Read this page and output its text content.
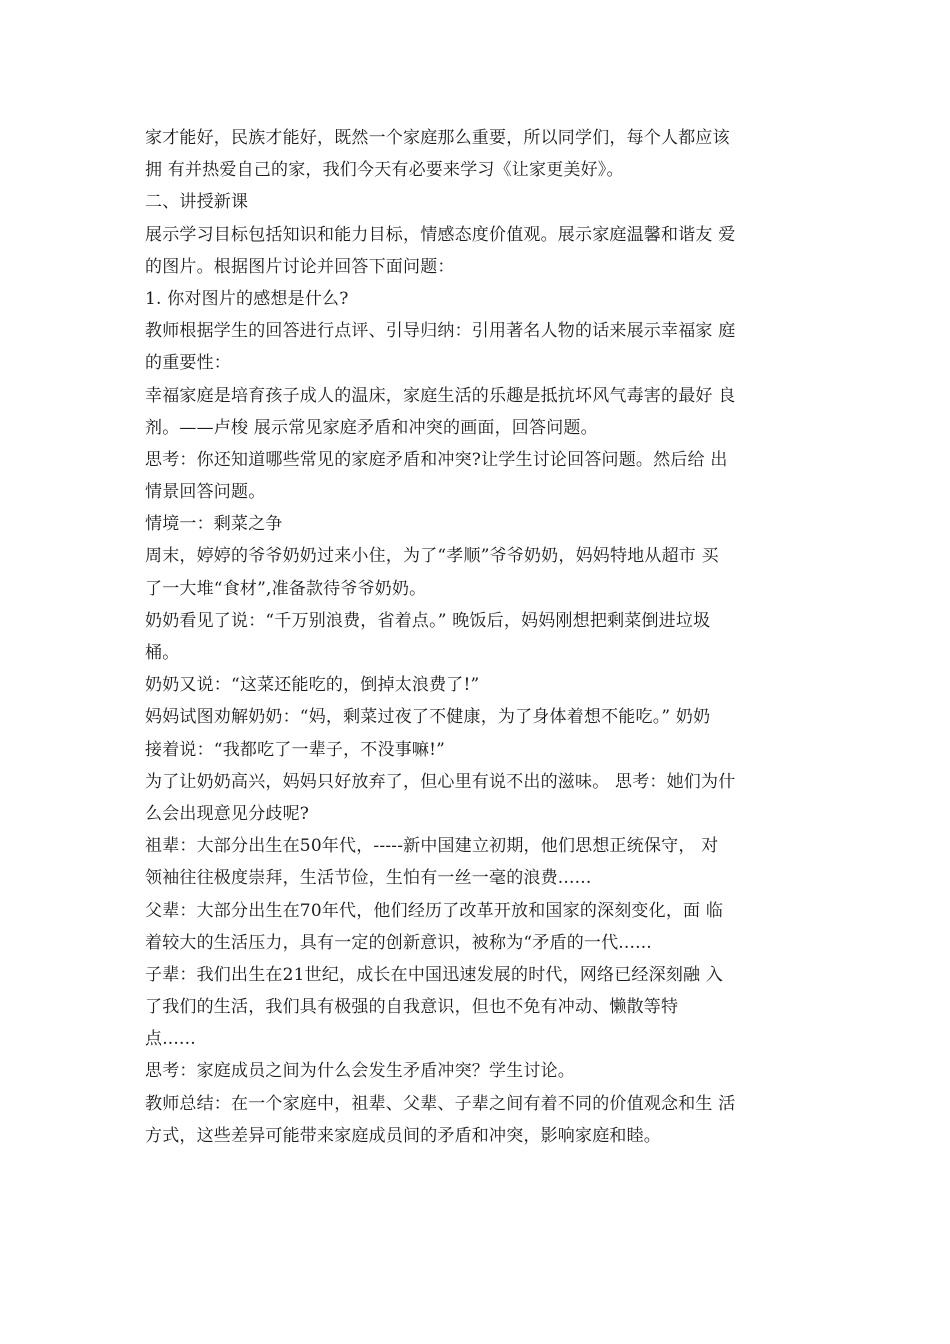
家才能好，民族才能好，既然一个家庭那么重要，所以同学们，每个人都应该
拥 有并热爱自己的家，我们今天有必要来学习《让家更美好》。
二、讲授新课
展示学习目标包括知识和能力目标，情感态度价值观。展示家庭温馨和谐友 爱
的图片。根据图片讨论并回答下面问题：
1. 你对图片的感想是什么?
教师根据学生的回答进行点评、引导归纳：引用著名人物的话来展示幸福家 庭
的重要性：
幸福家庭是培育孩子成人的温床，家庭生活的乐趣是抵抗坏风气毒害的最好 良
剂。——卢梭 展示常见家庭矛盾和冲突的画面，回答问题。
思考：你还知道哪些常见的家庭矛盾和冲突?让学生讨论回答问题。然后给 出
情景回答问题。
情境一：剩菜之争
周末，婷婷的爷爷奶奶过来小住，为了“孝顺”爷爷奶奶，妈妈特地从超市 买
了一大堆“食材”,准备款待爷爷奶奶。
奶奶看见了说：“千万别浪费，省着点。” 晚饭后，妈妈刚想把剩菜倒进垃圾
桶。
奶奶又说：“这菜还能吃的，倒掉太浪费了!”
妈妈试图劝解奶奶：“妈，剩菜过夜了不健康，为了身体着想不能吃。” 奶奶
接着说：“我都吃了一辈子，不没事嘛!”
为了让奶奶高兴，妈妈只好放弃了，但心里有说不出的滋味。 思考：她们为什
么会出现意见分歧呢?
祖辈：大部分出生在50年代，-----新中国建立初期，他们思想正统保守， 对
领袖往往极度崇拜，生活节俭，生怕有一丝一毫的浪费......
父辈：大部分出生在70年代，他们经历了改革开放和国家的深刻变化，面 临
着较大的生活压力，具有一定的创新意识，被称为“矛盾的一代......
子辈：我们出生在21世纪，成长在中国迅速发展的时代，网络已经深刻融 入
了我们的生活，我们具有极强的自我意识，但也不免有冲动、懒散等特
点......
思考：家庭成员之间为什么会发生矛盾冲突？学生讨论。
教师总结：在一个家庭中，祖辈、父辈、子辈之间有着不同的价值观念和生 活
方式，这些差异可能带来家庭成员间的矛盾和冲突，影响家庭和睦。
